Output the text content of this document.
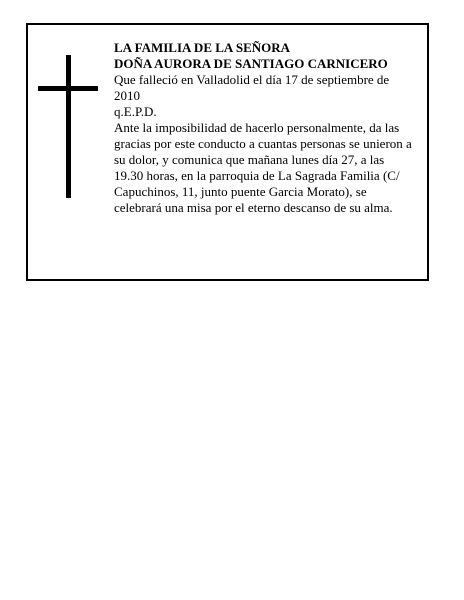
LA FAMILIA DE LA SEÑORA

DOÑA AURORA DE SANTIAGO CARNICERO

Que falleció en Valladolid el día 17 de septiembre de 2010

q.E.P.D.

Ante la imposibilidad de hacerlo personalmente, da las gracias por este conducto a cuantas personas se unieron a su dolor, y comunica que mañana lunes día 27, a las 19.30 horas, en la parroquia de La Sagrada Familia (C/ Capuchinos, 11, junto puente Garcia Morato), se celebrará una misa por el eterno descanso de su alma.
